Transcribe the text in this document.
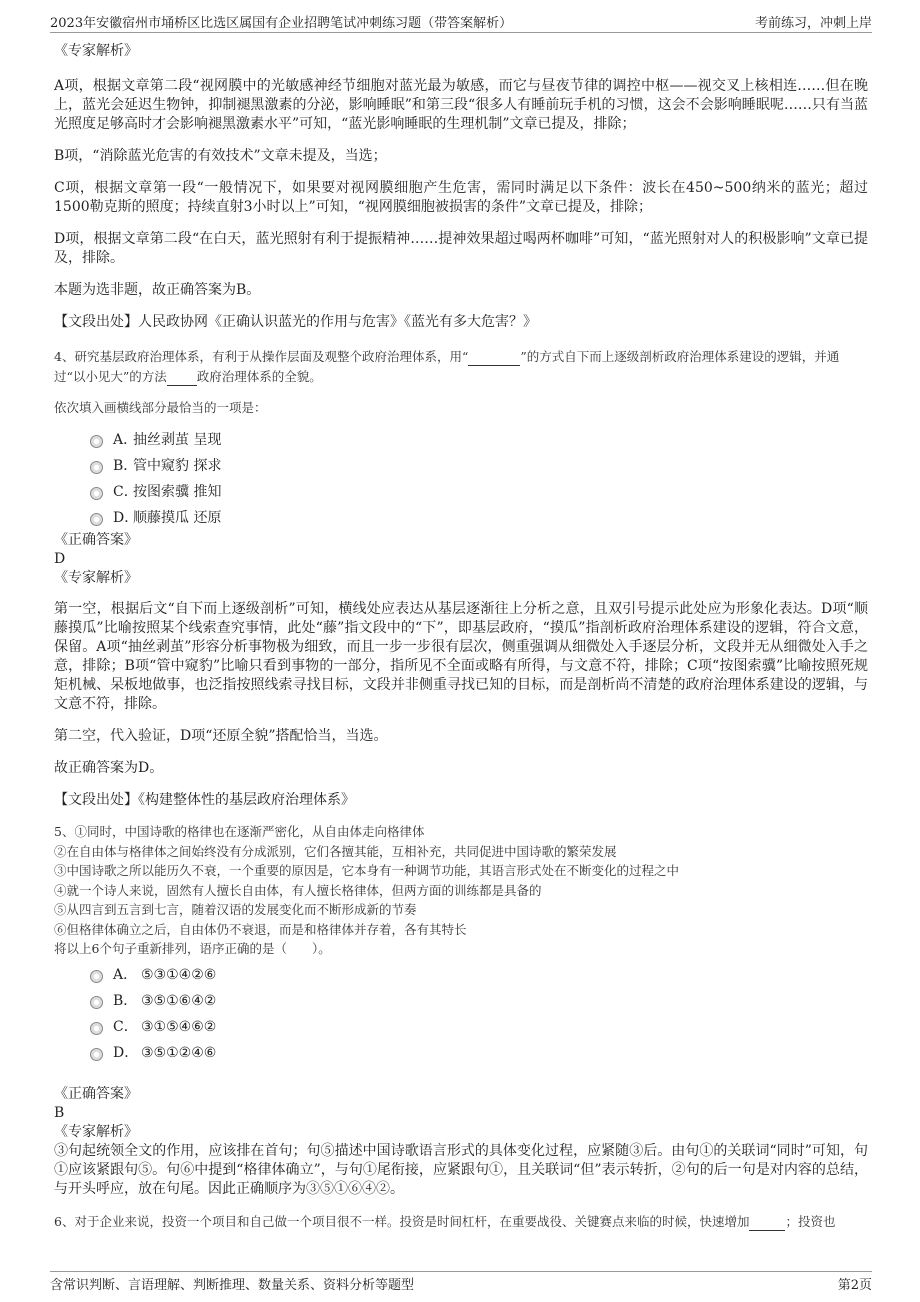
2023年安徽宿州市埇桥区比选区属国有企业招聘笔试冲刺练习题（带答案解析）	考前练习，冲刺上岸

《专家解析》

A项，根据文章第二段“视网膜中的光敏感神经节细胞对蓝光最为敏感，而它与昼夜节律的调控中枢——视交叉上核相连……但在晚上，蓝光会延迟生物钟，抑制褪黑激素的分泌，影响睡眠”和第三段“很多人有睡前玩手机的习惯，这会不会影响睡眠呢……只有当蓝光照度足够高时才会影响褪黑激素水平”可知，“蓝光影响睡眠的生理机制”文章已提及，排除；

B项，“消除蓝光危害的有效技术”文章未提及，当选；

C项，根据文章第一段“一般情况下，如果要对视网膜细胞产生危害，需同时满足以下条件：波长在450~500纳米的蓝光；超过1500勒克斯的照度；持续直射3小时以上”可知，“视网膜细胞被损害的条件”文章已提及，排除；

D项，根据文章第二段“在白天，蓝光照射有利于提振精神……提神效果超过喝两杯咖啡”可知，“蓝光照射对人的积极影响”文章已提及，排除。

本题为选非题，故正确答案为B。

【文段出处】人民政协网《正确认识蓝光的作用与危害》《蓝光有多大危害？》

4、研究基层政府治理体系，有利于从操作层面及观整个政府治理体系，用“	”的方式自下而上逐级剖析政府治理体系建设的逻辑，并通过“以小见大”的方法 政府治理体系的全貌。

依次填入画横线部分最恰当的一项是：

A．
抽丝剥茧 呈现
B．
管中窥豹 探求
C．
按图索骥 推知
D．
顺藤摸瓜 还原

《正确答案》

D

《专家解析》

第一空，根据后文“自下而上逐级剖析”可知，横线处应表达从基层逐渐往上分析之意，且双引号提示此处应为形象化表达。D项“顺藤摸瓜”比喻按照某个线索查究事情，此处“藤”指文段中的“下”，即基层政府，“摸瓜”指剖析政府治理体系建设的逻辑，符合文意，保留。A项“抽丝剥茧”形容分析事物极为细致，而且一步一步很有层次，侧重强调从细微处入手逐层分析，文段并无从细微处入手之意，排除；B项“管中窥豹”比喻只看到事物的一部分，指所见不全面或略有所得，与文意不符，排除；C项“按图索骥”比喻按照死规矩机械、呆板地做事，也泛指按照线索寻找目标，文段并非侧重寻找已知的目标，而是剖析尚不清楚的政府治理体系建设的逻辑，与文意不符，排除。

第二空，代入验证，D项“还原全貌”搭配恰当，当选。

故正确答案为D。

【文段出处】《构建整体性的基层政府治理体系》

5、①同时，中国诗歌的格律也在逐渐严密化，从自由体走向格律体

②在自由体与格律体之间始终没有分成派别，它们各擅其能，互相补充，共同促进中国诗歌的繁荣发展

③中国诗歌之所以能历久不衰，一个重要的原因是，它本身有一种调节功能，其语言形式处在不断变化的过程之中

④就一个诗人来说，固然有人擅长自由体，有人擅长格律体，但两方面的训练都是具备的

⑤从四言到五言到七言，随着汉语的发展变化而不断形成新的节奏

⑥但格律体确立之后，自由体仍不衰退，而是和格律体并存着，各有其特长

将以上6个句子重新排列，语序正确的是（　　）。

A． ⑤③①④②⑥
B． ③⑤①⑥④②
C． ③①⑤④⑥②
D． ③⑤①②④⑥

《正确答案》

B

《专家解析》

③句起统领全文的作用，应该排在首句；句⑤描述中国诗歌语言形式的具体变化过程，应紧随③后。由句①的关联词“同时”可知，句①应该紧跟句⑤。句⑥中提到“格律体确立”，与句①尾衔接，应紧跟句①，且关联词“但”表示转折，②句的后一句是对内容的总结，与开头呼应，放在句尾。因此正确顺序为③⑤①⑥④②。

6、对于企业来说，投资一个项目和自己做一个项目很不一样。投资是时间杠杆，在重要战役、关键赛点来临的时候，快速增加	；投资也

含常识判断、言语理解、判断推理、数量关系、资料分析等题型	第2页
